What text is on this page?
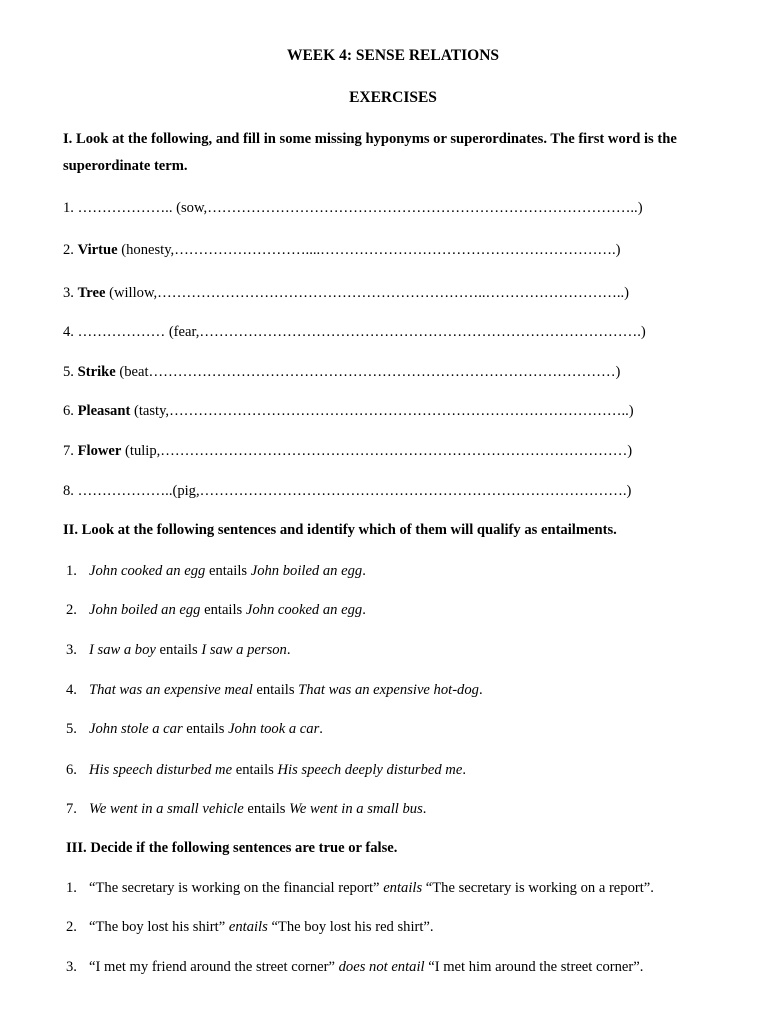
WEEK 4: SENSE RELATIONS
EXERCISES
I. Look at the following, and fill in some missing hyponyms or superordinates. The first word is the
superordinate term.
1. ……………….. (sow,……………………………………………………………………………..)
2. Virtue (honesty,………………………....…………………………………………………….)
3. Tree (willow,…………………………………………………………..………………………..)
4. ……………… (fear,……………………………………………………………………………….)
5. Strike (beat……………………………………………………………………………………)
6. Pleasant (tasty,…………………………………………………………………………………..)
7. Flower (tulip,……………………………………………………………………………………)
8. ………………..(pig,…………………………………………………………………………….)
II. Look at the following sentences and identify which of them will qualify as entailments.
1. John cooked an egg entails John boiled an egg.
2. John boiled an egg entails John cooked an egg.
3. I saw a boy entails I saw a person.
4. That was an expensive meal entails That was an expensive hot-dog.
5. John stole a car entails John took a car.
6. His speech disturbed me entails His speech deeply disturbed me.
7. We went in a small vehicle entails We went in a small bus.
III. Decide if the following sentences are true or false.
1. “The secretary is working on the financial report” entails “The secretary is working on a report”.
2. “The boy lost his shirt” entails “The boy lost his red shirt”.
3. “I met my friend around the street corner” does not entail “I met him around the street corner”.
